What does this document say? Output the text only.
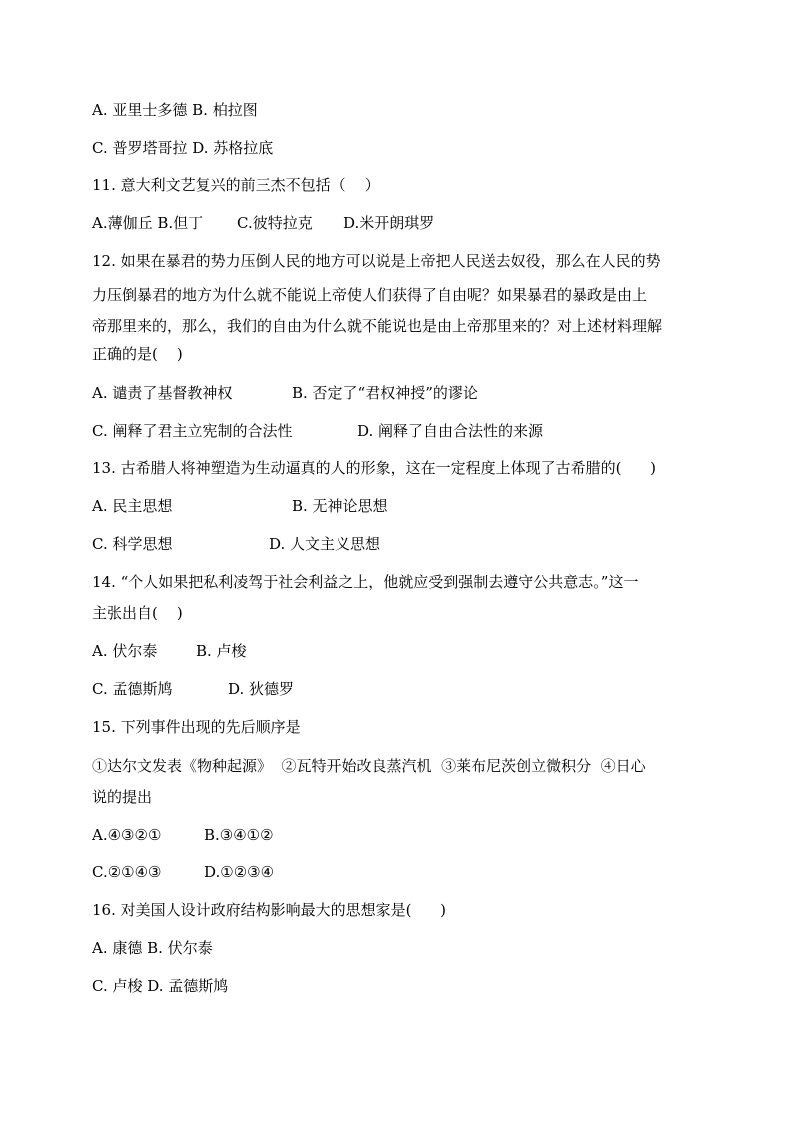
A. 亚里士多德 B. 柏拉图
C. 普罗塔哥拉 D. 苏格拉底
11. 意大利文艺复兴的前三杰不包括（    ）
A.薄伽丘 B.但丁 C.彼特拉克 D.米开朗琪罗
12. 如果在暴君的势力压倒人民的地方可以说是上帝把人民送去奴役，那么在人民的势
力压倒暴君的地方为什么就不能说上帝使人们获得了自由呢？如果暴君的暴政是由上
帝那里来的，那么，我们的自由为什么就不能说也是由上帝那里来的？对上述材料理解
正确的是(    )
A. 谴责了基督教神权	B. 否定了“君权神授”的谬论
C. 阐释了君主立宪制的合法性	D. 阐释了自由合法性的来源
13. 古希腊人将神塑造为生动逼真的人的形象，这在一定程度上体现了古希腊的(      )
A. 民主思想	B. 无神论思想
C. 科学思想	D. 人文主义思想
14. “个人如果把私利凌驾于社会利益之上，他就应受到强制去遵守公共意志。”这一
主张出自(    )
A. 伏尔泰	B. 卢梭
C. 孟德斯鸠	D. 狄德罗
15. 下列事件出现的先后顺序是
①达尔文发表《物种起源》  ②瓦特开始改良蒸汽机  ③莱布尼茨创立微积分  ④日心
说的提出
A.④③②①	B.③④①②
C.②①④③	D.①②③④
16. 对美国人设计政府结构影响最大的思想家是(      )
A. 康德 B. 伏尔泰
C. 卢梭 D. 孟德斯鸠
